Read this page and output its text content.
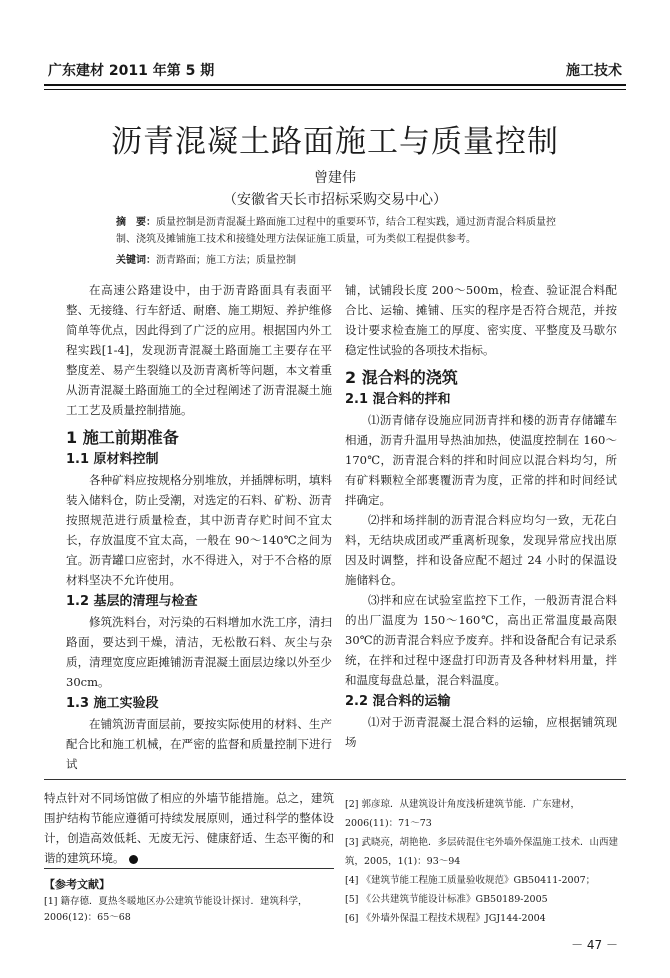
广东建材 2011 年第 5 期	施工技术
沥青混凝土路面施工与质量控制
曾建伟
（安徽省天长市招标采购交易中心）
摘　要：质量控制是沥青混凝土路面施工过程中的重要环节，结合工程实践，通过沥青混合料质量控制、浇筑及摊铺施工技术和接缝处理方法保证施工质量，可为类似工程提供参考。
关键词：沥青路面；施工方法；质量控制

在高速公路建设中，由于沥青路面具有表面平整、无接缝、行车舒适、耐磨、施工期短、养护维修简单等优点，因此得到了广泛的应用。根据国内外工程实践[1-4]，发现沥青混凝土路面施工主要存在平整度差、易产生裂缝以及沥青离析等问题，本文着重从沥青混凝土路面施工的全过程阐述了沥青混凝土施工工艺及质量控制措施。

1 施工前期准备
1.1 原材料控制

各种矿料应按规格分别堆放，并插牌标明，填料装入储料仓，防止受潮，对选定的石料、矿粉、沥青按照规范进行质量检查，其中沥青存贮时间不宜太长，存放温度不宜太高，一般在 90～140℃之间为宜。沥青罐口应密封，水不得进入，对于不合格的原材料坚决不允许使用。

1.2 基层的清理与检查

修筑洗料台，对污染的石料增加水洗工序，清扫路面，要达到干燥，清洁，无松散石料、灰尘与杂质，清理宽度应距摊铺沥青混凝土面层边缘以外至少 30cm。

1.3 施工实验段

在铺筑沥青面层前，要按实际使用的材料、生产配合比和施工机械，在严密的监督和质量控制下进行试

铺，试铺段长度 200～500m，检查、验证混合料配合比、运输、摊铺、压实的程序是否符合规范，并按设计要求检查施工的厚度、密实度、平整度及马歇尔稳定性试验的各项技术指标。

2 混合料的浇筑
2.1 混合料的拌和

⑴沥青储存设施应同沥青拌和楼的沥青存储罐车相通，沥青升温用导热油加热，使温度控制在 160～170℃，沥青混合料的拌和时间应以混合料均匀，所有矿料颗粒全部裹覆沥青为度，正常的拌和时间经试拌确定。

⑵拌和场拌制的沥青混合料应均匀一致，无花白料，无结块成团或严重离析现象，发现异常应找出原因及时调整，拌和设备应配不超过 24 小时的保温设施储料仓。

⑶拌和应在试验室监控下工作，一般沥青混合料的出厂温度为 150～160℃，高出正常温度最高限 30℃的沥青混合料应予废弃。拌和设备配合有记录系统，在拌和过程中逐盘打印沥青及各种材料用量，拌和温度每盘总量，混合料温度。

2.2 混合料的运输

⑴对于沥青混凝土混合料的运输，应根据铺筑现场

特点针对不同场馆做了相应的外墙节能措施。总之，建筑围护结构节能应遵循可持续发展原则，通过科学的整体设计，创造高效低耗、无废无污、健康舒适、生态平衡的和谐的建筑环境。

【参考文献】
[1] 籍存德．夏热冬暖地区办公建筑节能设计探讨．建筑科学，2006(12)：65～68
[2] 郭彦琼．从建筑设计角度浅析建筑节能．广东建材，2006(11)：71～73
[3] 武晓亮，胡艳艳．多层砖混住宅外墙外保温施工技术．山西建筑，2005，1(1)：93～94
[4] 《建筑节能工程施工质量验收规范》GB50411-2007；
[5] 《公共建筑节能设计标准》GB50189-2005
[6] 《外墙外保温工程技术规程》JGJ144-2004
－ 47 －
